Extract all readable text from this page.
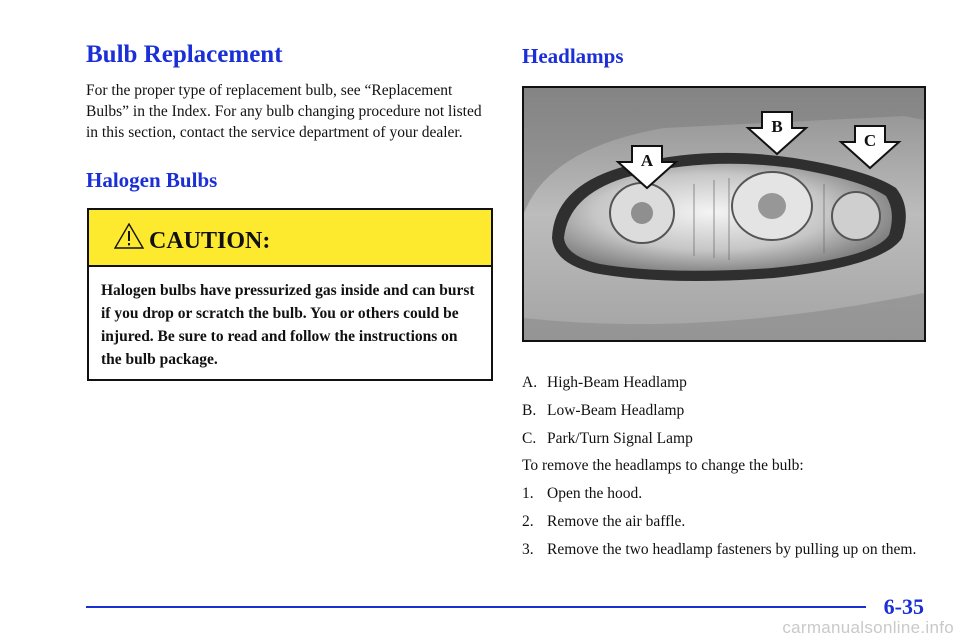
Bulb Replacement

For the proper type of replacement bulb, see “Replacement Bulbs” in the Index. For any bulb changing procedure not listed in this section, contact the service department of your dealer.

Halogen Bulbs
CAUTION:

Halogen bulbs have pressurized gas inside and can burst if you drop or scratch the bulb. You or others could be injured. Be sure to read and follow the instructions on the bulb package.

Headlamps
A
B
C
A. High-Beam Headlamp
B. Low-Beam Headlamp
C. Park/Turn Signal Lamp

To remove the headlamps to change the bulb:

1. Open the hood.
2. Remove the air baffle.
3. Remove the two headlamp fasteners by pulling up on them.
6-35
carmanualsonline.info
